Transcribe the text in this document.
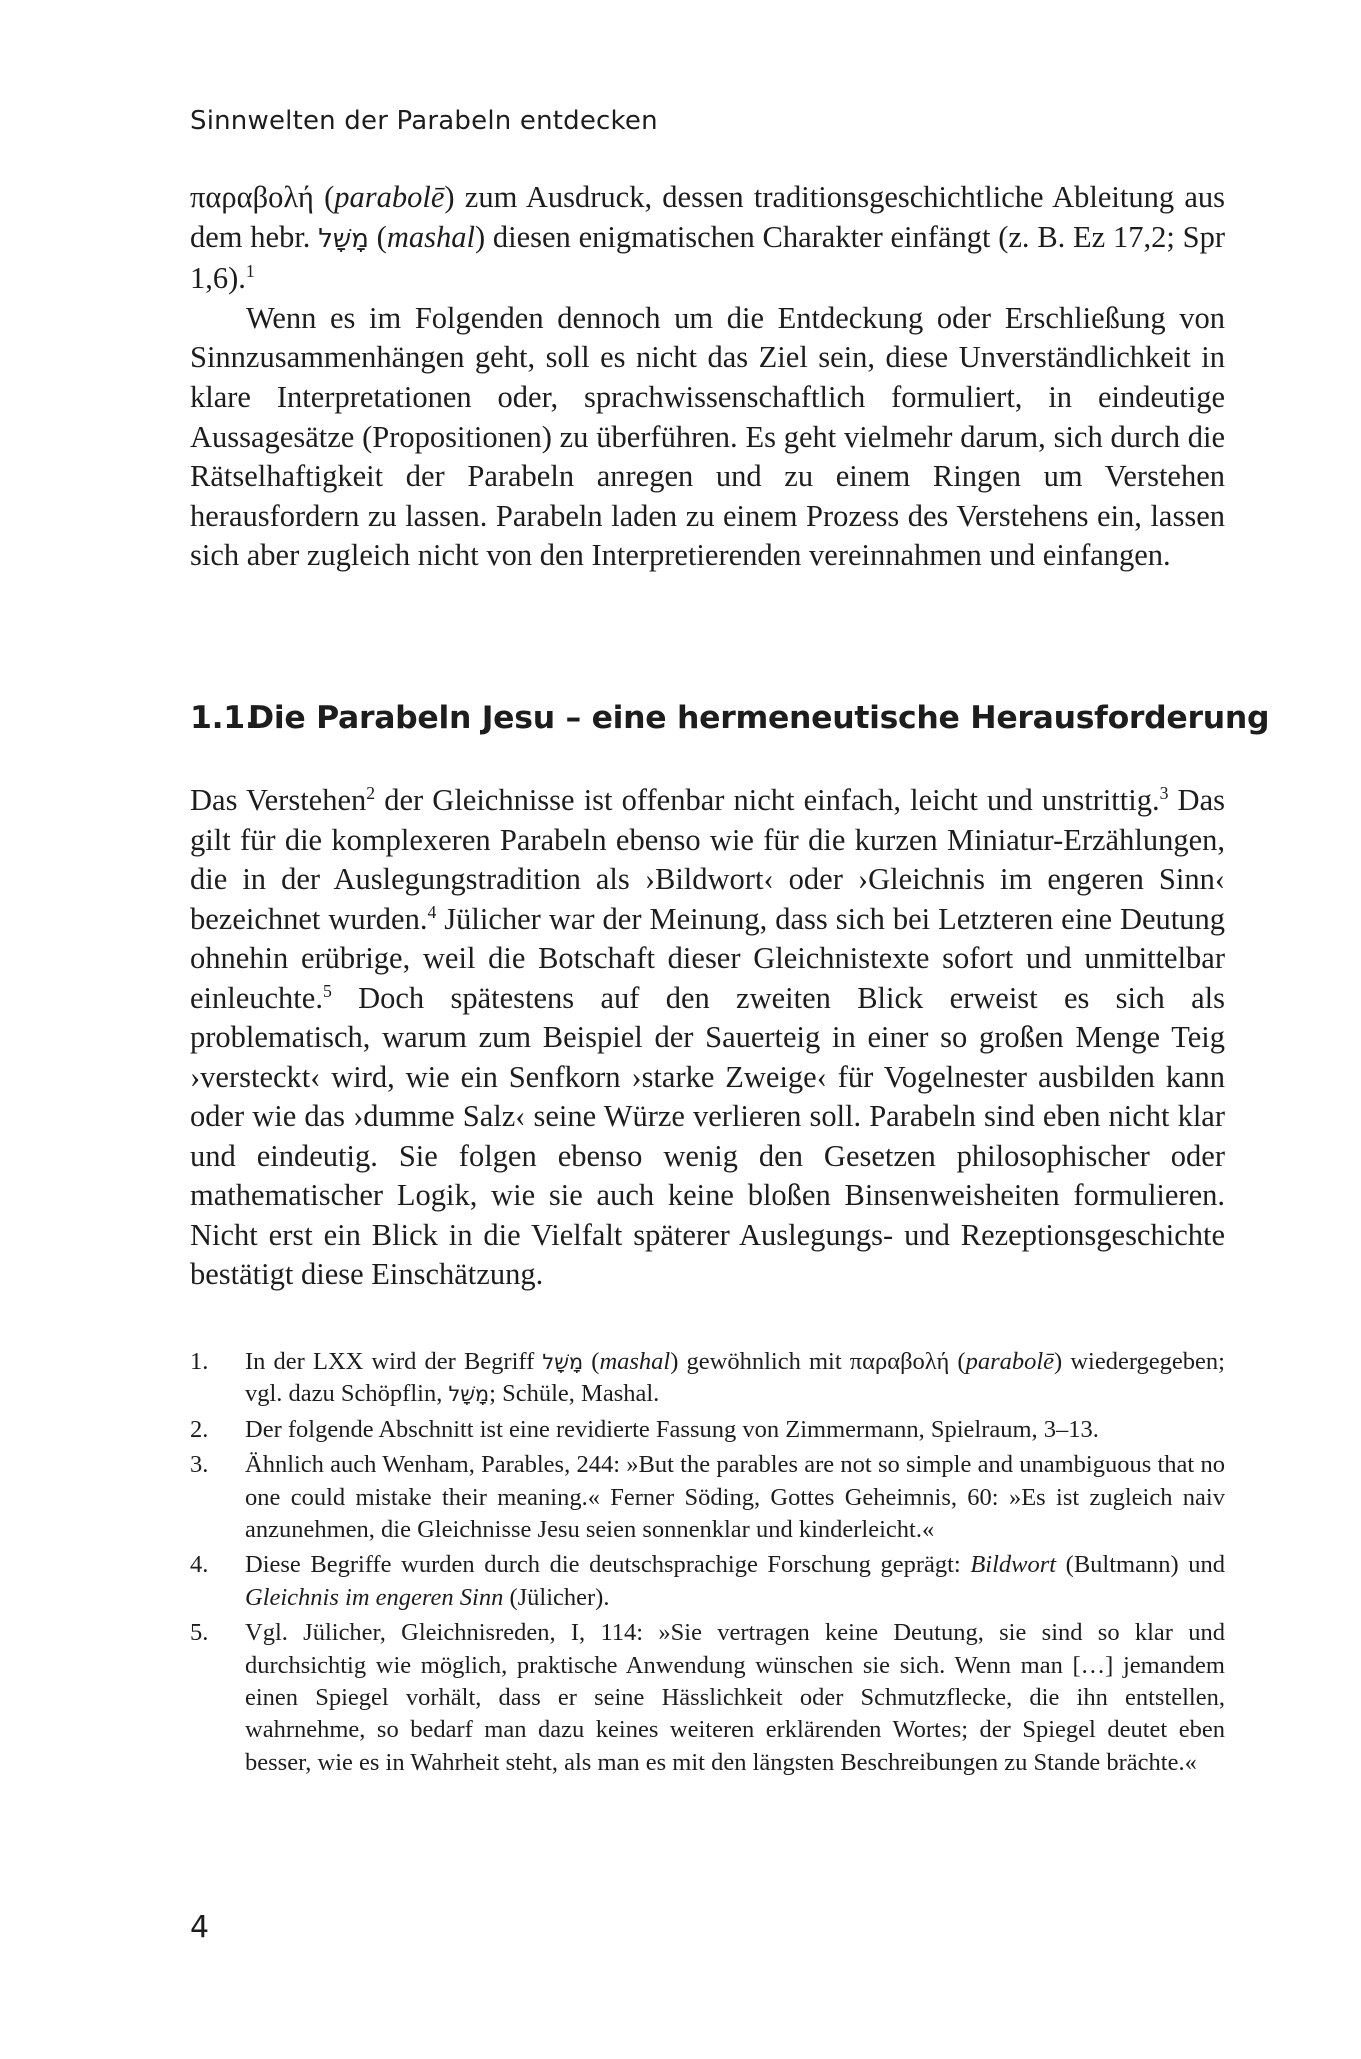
Sinnwelten der Parabeln entdecken

παραβολή (parabolē) zum Ausdruck, dessen traditionsgeschichtliche Ableitung aus dem hebr. מָשָׁל (mashal) diesen enigmatischen Charakter einfängt (z. B. Ez 17,2; Spr 1,6).$^1$

Wenn es im Folgenden dennoch um die Entdeckung oder Erschließung von Sinnzusammenhängen geht, soll es nicht das Ziel sein, diese Unverständlichkeit in klare Interpretationen oder, sprachwissenschaftlich formuliert, in eindeutige Aussagesätze (Propositionen) zu überführen. Es geht vielmehr darum, sich durch die Rätselhaftigkeit der Parabeln anregen und zu einem Ringen um Verstehen herausfordern zu lassen. Parabeln laden zu einem Prozess des Verstehens ein, lassen sich aber zugleich nicht von den Interpretierenden vereinnahmen und einfangen.

1.1.Die Parabeln Jesu – eine hermeneutische Herausforderung

Das Verstehen$^2$ der Gleichnisse ist offenbar nicht einfach, leicht und unstrittig.$^3$ Das gilt für die komplexeren Parabeln ebenso wie für die kurzen Miniatur-Erzählungen, die in der Auslegungstradition als ›Bildwort‹ oder ›Gleichnis im engeren Sinn‹ bezeichnet wurden.$^4$ Jülicher war der Meinung, dass sich bei Letzteren eine Deutung ohnehin erübrige, weil die Botschaft dieser Gleichnistexte sofort und unmittelbar einleuchte.$^5$ Doch spätestens auf den zweiten Blick erweist es sich als problematisch, warum zum Beispiel der Sauerteig in einer so großen Menge Teig ›versteckt‹ wird, wie ein Senfkorn ›starke Zweige‹ für Vogelnester ausbilden kann oder wie das ›dumme Salz‹ seine Würze verlieren soll. Parabeln sind eben nicht klar und eindeutig. Sie folgen ebenso wenig den Gesetzen philosophischer oder mathematischer Logik, wie sie auch keine bloßen Binsenweisheiten formulieren. Nicht erst ein Blick in die Vielfalt späterer Auslegungs- und Rezeptionsgeschichte bestätigt diese Einschätzung.

1.	In der LXX wird der Begriff מָשָׁל (mashal) gewöhnlich mit παραβολή (parabolē) wiedergegeben; vgl. dazu Schöpflin, מָשָׁל; Schüle, Mashal.
2.	Der folgende Abschnitt ist eine revidierte Fassung von Zimmermann, Spielraum, 3–13.
3.	Ähnlich auch Wenham, Parables, 244: »But the parables are not so simple and unambiguous that no one could mistake their meaning.« Ferner Söding, Gottes Geheimnis, 60: »Es ist zugleich naiv anzunehmen, die Gleichnisse Jesu seien sonnenklar und kinderleicht.«
4.	Diese Begriffe wurden durch die deutschsprachige Forschung geprägt: Bildwort (Bultmann) und Gleichnis im engeren Sinn (Jülicher).
5.	Vgl. Jülicher, Gleichnisreden, I, 114: »Sie vertragen keine Deutung, sie sind so klar und durchsichtig wie möglich, praktische Anwendung wünschen sie sich. Wenn man […] jemandem einen Spiegel vorhält, dass er seine Hässlichkeit oder Schmutzflecke, die ihn entstellen, wahrnehme, so bedarf man dazu keines weiteren erklärenden Wortes; der Spiegel deutet eben besser, wie es in Wahrheit steht, als man es mit den längsten Beschreibungen zu Stande brächte.«
4
